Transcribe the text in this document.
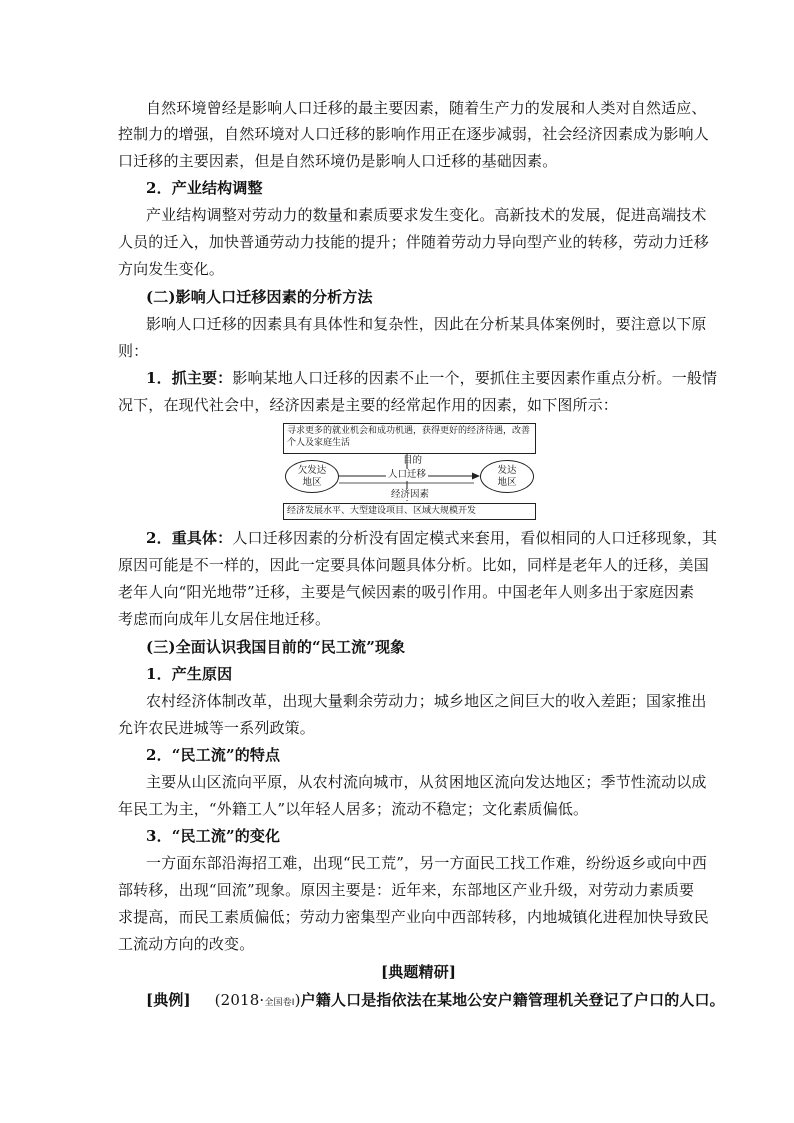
自然环境曾经是影响人口迁移的最主要因素，随着生产力的发展和人类对自然适应、
控制力的增强，自然环境对人口迁移的影响作用正在逐步减弱，社会经济因素成为影响人
口迁移的主要因素，但是自然环境仍是影响人口迁移的基础因素。
2．产业结构调整
产业结构调整对劳动力的数量和素质要求发生变化。高新技术的发展，促进高端技术
人员的迁入，加快普通劳动力技能的提升；伴随着劳动力导向型产业的转移，劳动力迁移
方向发生变化。
(二)影响人口迁移因素的分析方法
影响人口迁移的因素具有具体性和复杂性，因此在分析某具体案例时，要注意以下原
则：
1．抓主要：影响某地人口迁移的因素不止一个，要抓住主要因素作重点分析。一般情
况下，在现代社会中，经济因素是主要的经常起作用的因素，如下图所示：
寻求更多的就业机会和成功机遇，获得更好的经济待遇，改善个人及家庭生活
目的
欠发达地区
发达地区
人口迁移
经济因素
经济发展水平、大型建设项目、区域大规模开发
2．重具体：人口迁移因素的分析没有固定模式来套用，看似相同的人口迁移现象，其
原因可能是不一样的，因此一定要具体问题具体分析。比如，同样是老年人的迁移，美国
老年人向“阳光地带”迁移，主要是气候因素的吸引作用。中国老年人则多出于家庭因素
考虑而向成年儿女居住地迁移。
(三)全面认识我国目前的“民工流”现象
1．产生原因
农村经济体制改革，出现大量剩余劳动力；城乡地区之间巨大的收入差距；国家推出
允许农民进城等一系列政策。
2．“民工流”的特点
主要从山区流向平原，从农村流向城市，从贫困地区流向发达地区；季节性流动以成
年民工为主，“外籍工人”以年轻人居多；流动不稳定；文化素质偏低。
3．“民工流”的变化
一方面东部沿海招工难，出现“民工荒”，另一方面民工找工作难，纷纷返乡或向中西
部转移，出现“回流”现象。原因主要是：近年来，东部地区产业升级，对劳动力素质要
求提高，而民工素质偏低；劳动力密集型产业向中西部转移，内地城镇化进程加快导致民
工流动方向的改变。
[典题精研]
[典例] (2018·全国卷Ⅰ)户籍人口是指依法在某地公安户籍管理机关登记了户口的人口。
